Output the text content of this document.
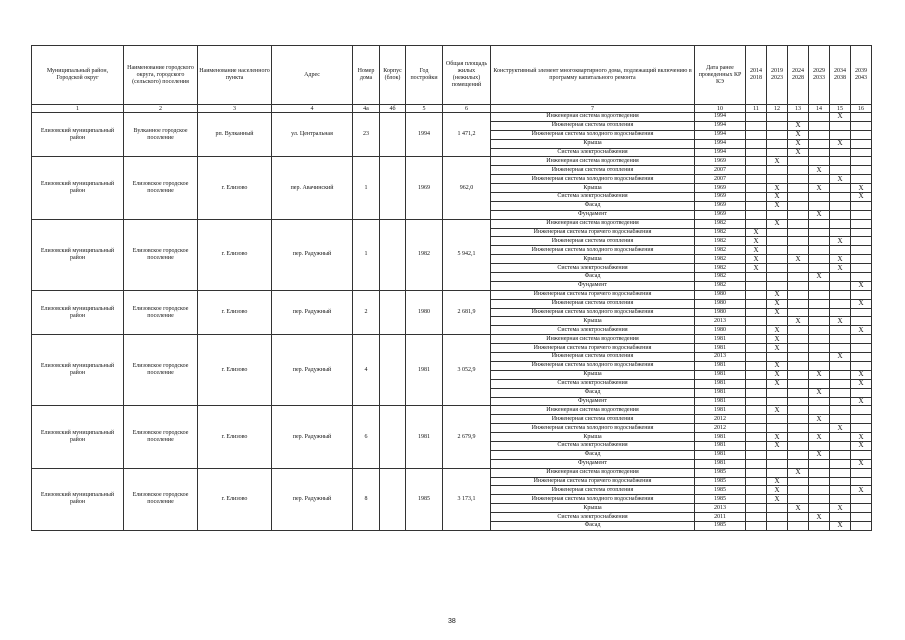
Муниципальный район, Городской округ	Наименование городского округа, городского (сельского) поселения	Наименование населенного пункта	Адрес	Номер дома	Корпус (блок)	Год постройки	Общая площадь жилых (нежилых) помещений	Конструктивный элемент многоквартирного дома, подлежащий включению в программу капитального ремонта	Дата ранее проведенных КР КЭ	2014 2018	2019 2023	2024 2028	2029 2033	2034 2038	2039 2043
1	2	3	4	4а	4б	5	6	7	10	11	12	13	14	15	16
Елизовский муниципальный район	Вулканное городское поселение	рп. Вулканный	ул. Центральная	23		1994	1 471,2	Инженерная система водоотведения	1994					X	
								Инженерная система отопления	1994			X			
								Инженерная система холодного водоснабжения	1994			X			
								Крыша	1994			X		X	
								Система электроснабжения	1994			X			
Елизовский муниципальный район	Елизовское городское поселение	г. Елизово	пер. Авачинский	1		1969	962,0	Инженерная система водоотведения	1969		X				
								Инженерная система отопления	2007				X		
								Инженерная система холодного водоснабжения	2007					X	
								Крыша	1969		X		X		X
								Система электроснабжения	1969		X				X
								Фасад	1969		X				
								Фундамент	1969				X		
Елизовский муниципальный район	Елизовское городское поселение	г. Елизово	пер. Радужный	1		1982	5 942,1	Инженерная система водоотведения	1982		X				
								Инженерная система горячего водоснабжения	1982	X					
								Инженерная система отопления	1982	X				X	
								Инженерная система холодного водоснабжения	1982	X					
								Крыша	1982	X		X		X	
								Система электроснабжения	1982	X				X	
								Фасад	1982				X		
								Фундамент	1982						X
Елизовский муниципальный район	Елизовское городское поселение	г. Елизово	пер. Радужный	2		1980	2 681,9	Инженерная система горячего водоснабжения	1980		X				
								Инженерная система отопления	1980		X				X
								Инженерная система холодного водоснабжения	1980		X				
								Крыша	2013			X		X	
								Система электроснабжения	1980		X				X
Елизовский муниципальный район	Елизовское городское поселение	г. Елизово	пер. Радужный	4		1981	3 052,9	Инженерная система водоотведения	1981		X				
								Инженерная система горячего водоснабжения	1981		X				
								Инженерная система отопления	2013					X	
								Инженерная система холодного водоснабжения	1981		X				
								Крыша	1981		X		X		X
								Система электроснабжения	1981		X				X
								Фасад	1981				X		
								Фундамент	1981						X
Елизовский муниципальный район	Елизовское городское поселение	г. Елизово	пер. Радужный	6		1981	2 679,9	Инженерная система водоотведения	1981		X				
								Инженерная система отопления	2012				X		
								Инженерная система холодного водоснабжения	2012					X	
								Крыша	1981		X		X		X
								Система электроснабжения	1981		X				X
								Фасад	1981				X		
								Фундамент	1981						X
Елизовский муниципальный район	Елизовское городское поселение	г. Елизово	пер. Радужный	8		1985	3 173,1	Инженерная система водоотведения	1985			X			
								Инженерная система горячего водоснабжения	1985		X				
								Инженерная система отопления	1985		X				X
								Инженерная система холодного водоснабжения	1985		X				
								Крыша	2013			X		X	
								Система электроснабжения	2011				X		
								Фасад	1985					X	
38
